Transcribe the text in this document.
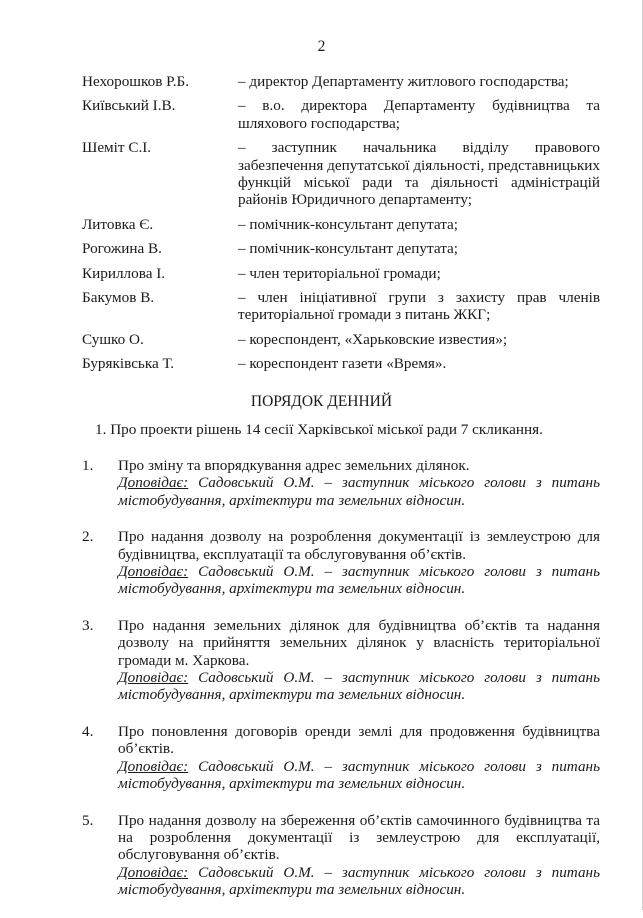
2
Нехорошков Р.Б.	– директор Департаменту житлового господарства;
Київський І.В.	– в.о. директора Департаменту будівництва та шляхового господарства;
Шеміт С.І.	– заступник начальника відділу правового забезпечення депутатської діяльності, представницьких функцій міської ради та діяльності адміністрацій районів Юридичного департаменту;
Литовка Є.	– помічник-консультант депутата;
Рогожина В.	– помічник-консультант депутата;
Кириллова І.	– член територіальної громади;
Бакумов В.	– член ініціативної групи з захисту прав членів територіальної громади з питань ЖКГ;
Сушко О.	– кореспондент, «Харьковские известия»;
Буряківська Т.	– кореспондент газети «Время».
ПОРЯДОК ДЕННИЙ
1. Про проекти рішень 14 сесії Харківської міської ради 7 скликання.
1.	Про зміну та впорядкування адрес земельних ділянок.
Доповідає: Садовський О.М. – заступник міського голови з питань містобудування, архітектури та земельних відносин.
2.	Про надання дозволу на розроблення документації із землеустрою для будівництва, експлуатації та обслуговування об’єктів.
Доповідає: Садовський О.М. – заступник міського голови з питань містобудування, архітектури та земельних відносин.
3.	Про надання земельних ділянок для будівництва об’єктів та надання дозволу на прийняття земельних ділянок у власність територіальної громади м. Харкова.
Доповідає: Садовський О.М. – заступник міського голови з питань містобудування, архітектури та земельних відносин.
4.	Про поновлення договорів оренди землі для продовження будівництва об’єктів.
Доповідає: Садовський О.М. – заступник міського голови з питань містобудування, архітектури та земельних відносин.
5.	Про надання дозволу на збереження об’єктів самочинного будівництва та на розроблення документації із землеустрою для експлуатації, обслуговування об’єктів.
Доповідає: Садовський О.М. – заступник міського голови з питань містобудування, архітектури та земельних відносин.
